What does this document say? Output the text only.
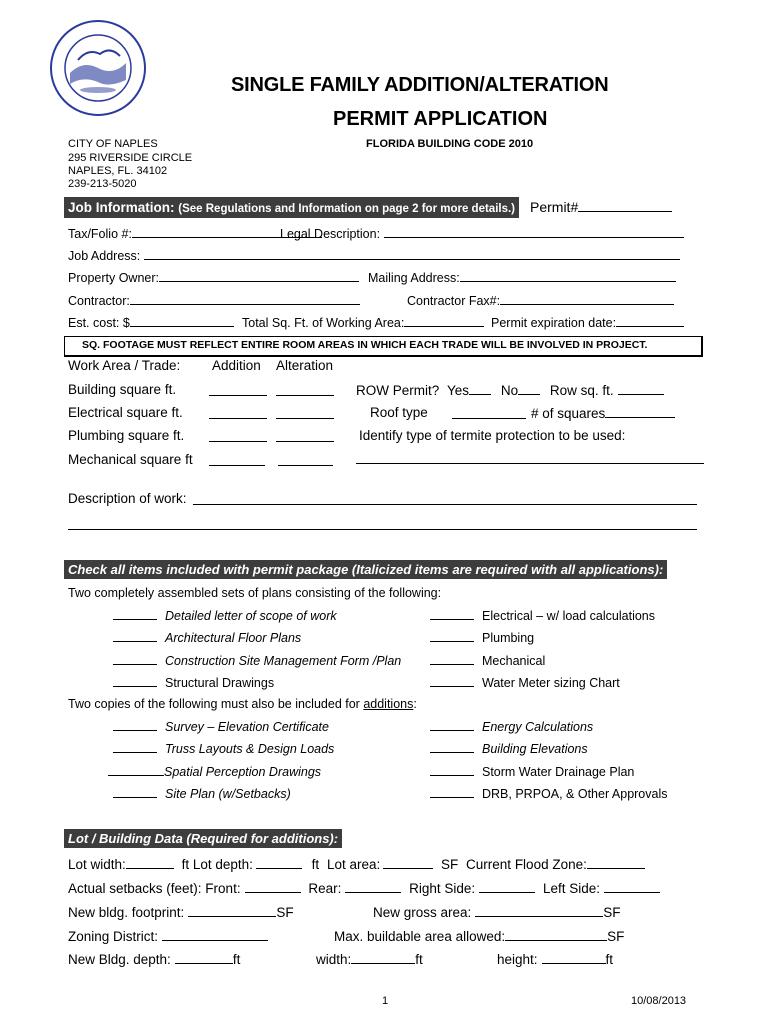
SINGLE FAMILY ADDITION/ALTERATION
PERMIT APPLICATION
FLORIDA BUILDING CODE 2010
CITY OF NAPLES
295 RIVERSIDE CIRCLE
NAPLES, FL. 34102
239-213-5020
Job Information: (See Regulations and Information on page 2 for more details.) Permit#
Tax/Folio #:	Legal Description:
Job Address:
Property Owner:	Mailing Address:
Contractor:	Contractor Fax#:
Est. cost: $	Total Sq. Ft. of Working Area:	Permit expiration date:
SQ. FOOTAGE MUST REFLECT ENTIRE ROOM AREAS IN WHICH EACH TRADE WILL BE INVOLVED IN PROJECT.
Work Area / Trade: Addition Alteration
Building square ft.
Electrical square ft.
Plumbing square ft.
Mechanical square ft
ROW Permit? Yes No Row sq. ft.
Roof type	# of squares
Identify type of termite protection to be used:
Description of work:
Check all items included with permit package (Italicized items are required with all applications):
Two completely assembled sets of plans consisting of the following:
Detailed letter of scope of work
Architectural Floor Plans
Construction Site Management Form /Plan
Structural Drawings
Electrical – w/ load calculations
Plumbing
Mechanical
Water Meter sizing Chart
Two copies of the following must also be included for additions:
Survey – Elevation Certificate
Truss Layouts & Design Loads
Spatial Perception Drawings
Site Plan (w/Setbacks)
Energy Calculations
Building Elevations
Storm Water Drainage Plan
DRB, PRPOA, & Other Approvals
Lot / Building Data (Required for additions):
Lot width:	ft Lot depth:	ft Lot area:	SF Current Flood Zone:
Actual setbacks (feet): Front:	Rear:	Right Side:	Left Side:
New bldg. footprint:	SF	New gross area:	SF
Zoning District:	Max. buildable area allowed:	SF
New Bldg. depth:	ft	width:	ft	height:	ft
1	10/08/2013
